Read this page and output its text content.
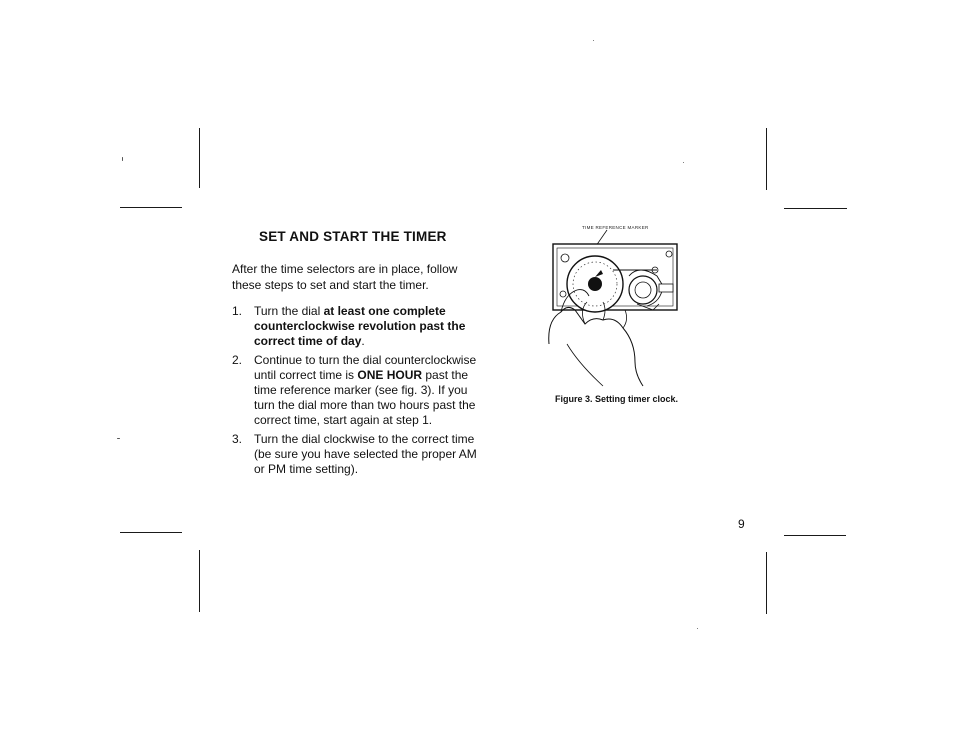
SET AND START THE TIMER

After the time selectors are in place, follow these steps to set and start the timer.

1. Turn the dial at least one complete counterclockwise revolution past the correct time of day.
2. Continue to turn the dial counterclockwise until correct time is ONE HOUR past the time reference marker (see fig. 3). If you turn the dial more than two hours past the correct time, start again at step 1.
3. Turn the dial clockwise to the correct time (be sure you have selected the proper AM or PM time setting).
TIME REFERENCE MARKER
Figure 3. Setting timer clock.
9
